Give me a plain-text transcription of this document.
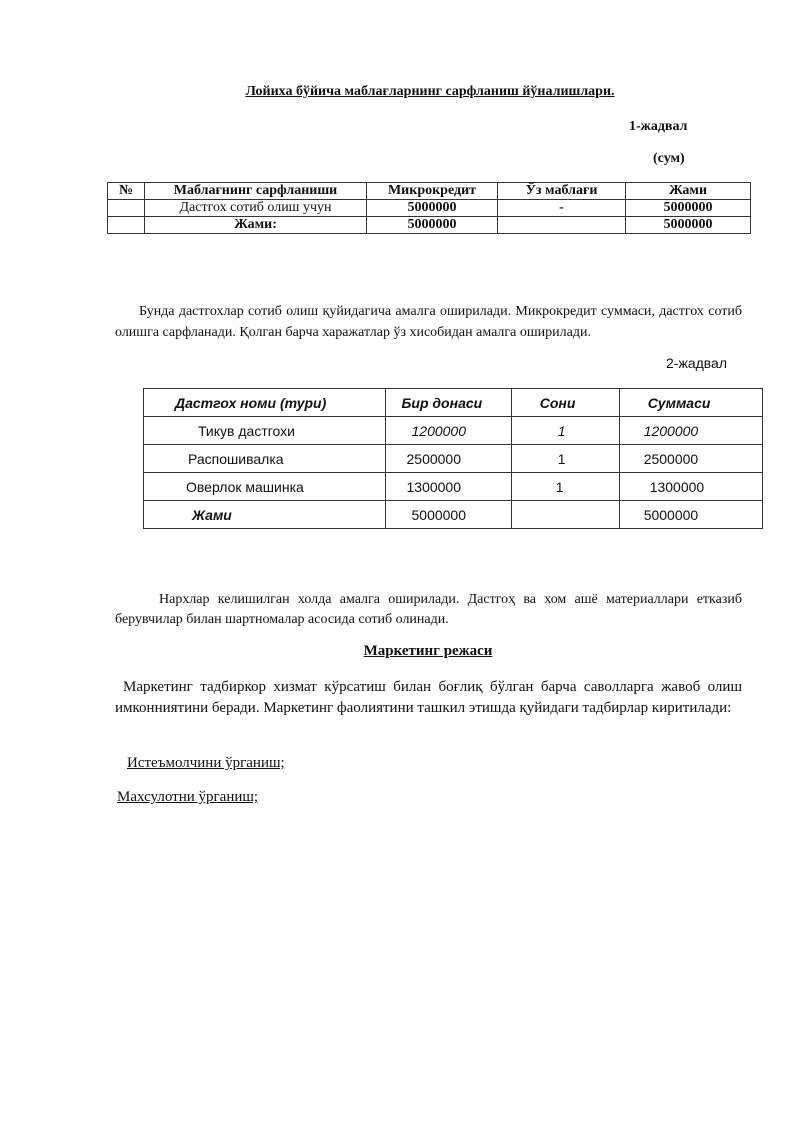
Лойиха бўйича маблағларнинг сарфланиш йўналишлари.
1-жадвал
(сум)
№	Маблағнинг сарфланиши	Микрокредит	Ўз маблағи	Жами
	Дастгох сотиб олиш учун	5000000	-	5000000
	Жами:	5000000		5000000
Бунда дастгохлар сотиб олиш қуйидагича амалга оширилади. Микрокредит суммаси, дастгох сотиб олишга сарфланади. Қолган барча харажатлар ўз хисобидан амалга оширилади.
2-жадвал
Дастгох номи (тури)	Бир донаси	Сони	Суммаси
Тикув дастгохи	1200000	1	1200000
Распошивалка	2500000	1	2500000
Оверлок машинка	1300000	1	1300000
Жами	5000000		5000000
Нархлар келишилган холда амалга оширилади. Дастгоҳ ва хом ашё материаллари етказиб берувчилар билан шартномалар асосида сотиб олинади.
Маркетинг режаси
Маркетинг тадбиркор хизмат кўрсатиш билан боғлиқ бўлган барча саволларга жавоб олиш имконниятини беради. Маркетинг фаолиятини ташкил этишда қуйидаги тадбирлар киритилади:
Истеъмолчини ўрганиш;
Махсулотни ўрганиш;
